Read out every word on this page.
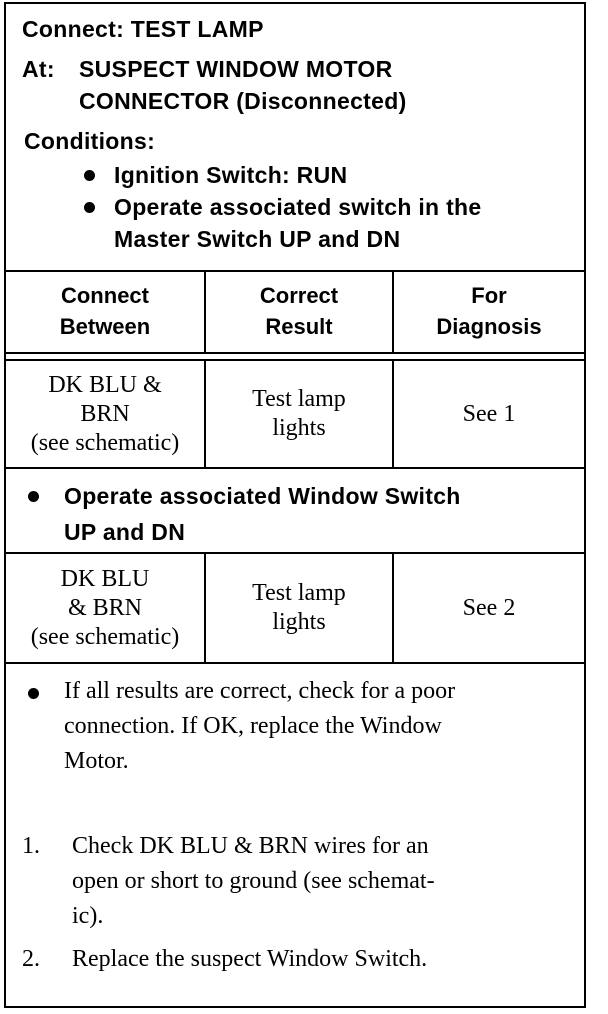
Connect: TEST LAMP
At: SUSPECT WINDOW MOTOR
CONNECTOR (Disconnected)
Conditions:
Ignition Switch: RUN
Operate associated switch in the
Master Switch UP and DN
Connect
Between
Correct
Result
For
Diagnosis
DK BLU &
BRN
(see schematic)
Test lamp
lights
See 1
Operate associated Window Switch
UP and DN
DK BLU
& BRN
(see schematic)
Test lamp
lights
See 2
If all results are correct, check for a poor
connection. If OK, replace the Window
Motor.
1. Check DK BLU & BRN wires for an
open or short to ground (see schemat-
ic).
2. Replace the suspect Window Switch.
